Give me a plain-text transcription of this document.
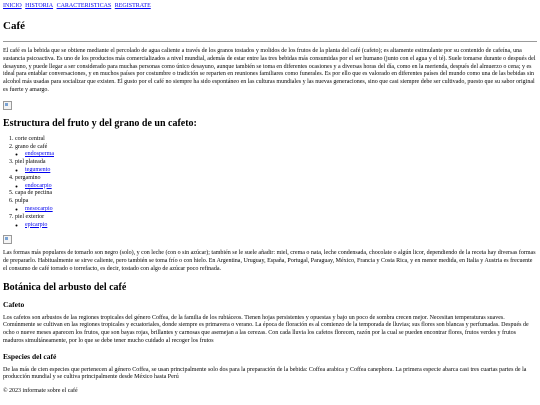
INICIO HISTORIA CARACTERISTICAS REGISTRATE
Café

El café es la bebida que se obtiene mediante el percolado de agua caliente a través de los granos tostados y molidos de los frutos de la planta del café (cafeto); es altamente estimulante por su contenido de cafeína, una sustancia psicoactiva. Es uno de los productos más comercializados a nivel mundial, además de estar entre las tres bebidas más consumidas por el ser humano (junto con el agua y el té). Suele tomarse durante o después del desayuno, y puede llegar a ser considerado para muchas personas como único desayuno, aunque también se toma en diferentes ocasiones y a diversas horas del día, como en la merienda, después del almuerzo o cena; y es ideal para entablar conversaciones, y en muchos países por costumbre o tradición se reparten en reuniones familiares como funerales. Es por ello que es valorado en diferentes países del mundo como una de las bebidas sin alcohol más usadas para socializar que existen. El gusto por el café no siempre ha sido espontáneo en las culturas mundiales y las nuevas generaciones, sino que casi siempre debe ser cultivado, puesto que su sabor original es fuerte y amargo.

Estructura del fruto y del grano de un cafeto:
1. corte central
2. grano de café
◦ endosperma
3. piel plateada
◦ tegumento
4. pergamino
◦ endocarpio
5. capa de pectina
6. pulpa
◦ mesocarpio
7. piel exterior
◦ epicarpio

Las formas más populares de tomarlo son negro (solo), y con leche (con o sin azúcar); también se le suele añadir: miel, crema o nata, leche condensada, chocolate o algún licor, dependiendo de la receta hay diversas formas de prepararlo. Habitualmente se sirve caliente, pero también se toma frío o con hielo. En Argentina, Uruguay, España, Portugal, Paraguay, México, Francia y Costa Rica, y en menor medida, en Italia y Austria es frecuente el consumo de café torrado o torrefacto, es decir, tostado con algo de azúcar poco refinada.

Botánica del arbusto del café
Cafeto

Los cafetos son arbustos de las regiones tropicales del género Coffea, de la familia de los rubiáceos. Tienen hojas persistentes y opuestas y bajo un poco de sombra crecen mejor. Necesitan temperaturas suaves. Comúnmente se cultivan en las regiones tropicales y ecuatoriales, donde siempre es primavera o verano. La época de floración es al comienzo de la temporada de lluvias; sus flores son blancas y perfumadas. Después de ocho o nueve meses aparecen los frutos, que son bayas rojas, brillantes y carnosas que asemejan a las cerezas. Con cada lluvia los cafetos florecen, razón por la cual se pueden encontrar flores, frutos verdes y frutos maduros simultáneamente, por lo que se debe tener mucho cuidado al recoger los frutos

Especies del café

De las más de cien especies que pertenecen al género Coffea, se usan principalmente solo dos para la preparación de la bebida: Coffea arabica y Coffea canephora. La primera especie abarca casi tres cuartas partes de la producción mundial y se cultiva principalmente desde México hasta Perú

© 2023 informate sobre el café
